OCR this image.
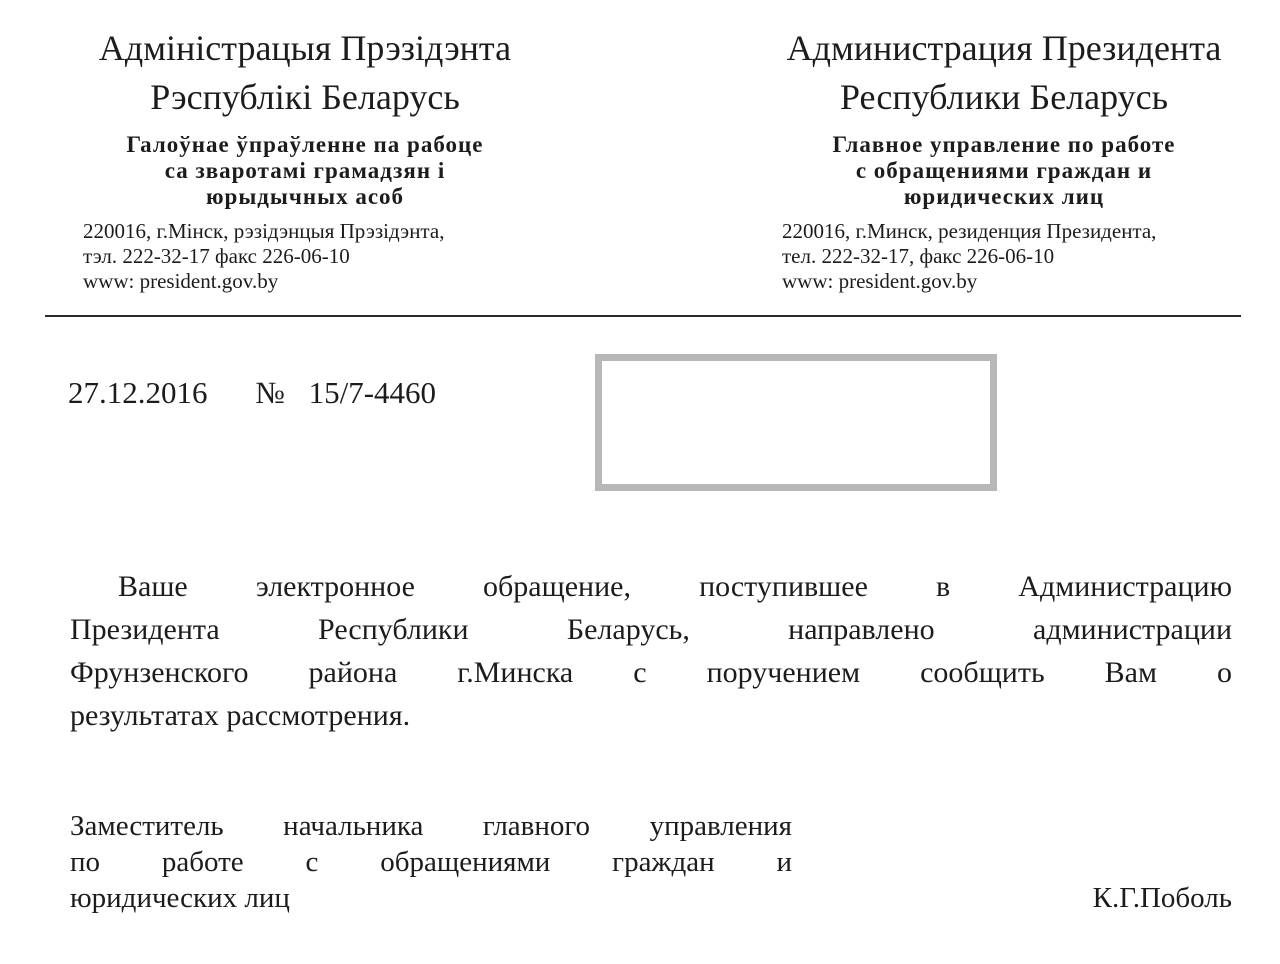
Адміністрацыя Прэзідэнта
Рэспублікі Беларусь
Галоўнае ўпраўленне па рабоце
са зваротамі грамадзян і
юрыдычных асоб
220016, г.Мінск, рэзідэнцыя Прэзідэнта,
тэл. 222-32-17 факс 226-06-10
www: president.gov.by
Администрация Президента
Республики Беларусь
Главное управление по работе
с обращениями граждан и
юридических лиц
220016, г.Минск, резиденция Президента,
тел. 222-32-17, факс 226-06-10
www: president.gov.by
27.12.2016 № 15/7-4460
Ваше электронное обращение, поступившее в Администрацию
Президента Республики Беларусь, направлено администрации
Фрунзенского района г.Минска с поручением сообщить Вам о
результатах рассмотрения.
Заместитель начальника главного управления
по работе с обращениями граждан и
юридических лиц	К.Г.Поболь
